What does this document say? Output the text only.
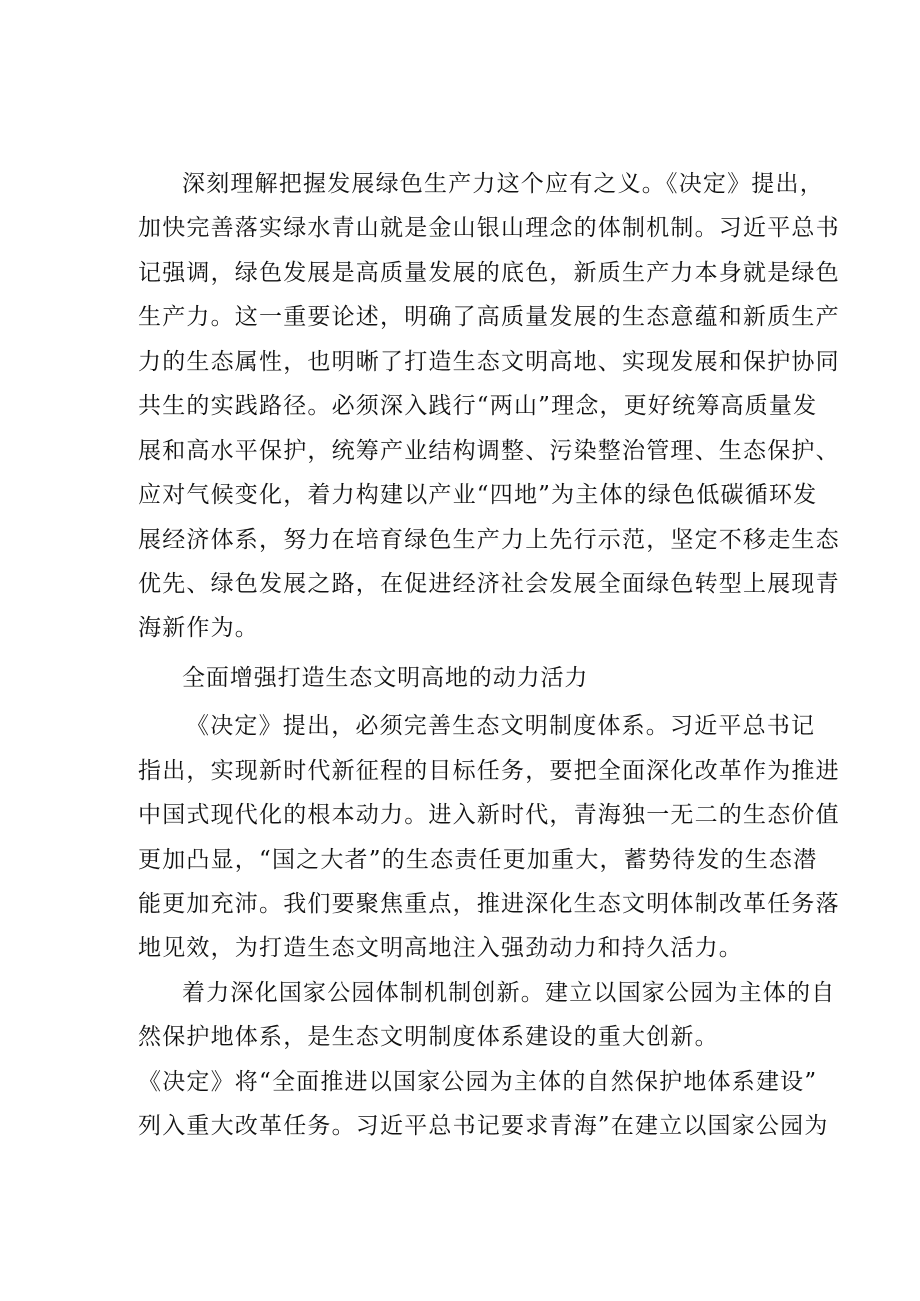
深刻理解把握发展绿色生产力这个应有之义。《决定》提出，
加快完善落实绿水青山就是金山银山理念的体制机制。习近平总书
记强调，绿色发展是高质量发展的底色，新质生产力本身就是绿色
生产力。这一重要论述，明确了高质量发展的生态意蕴和新质生产
力的生态属性，也明晰了打造生态文明高地、实现发展和保护协同
共生的实践路径。必须深入践行“两山”理念，更好统筹高质量发
展和高水平保护，统筹产业结构调整、污染整治管理、生态保护、
应对气候变化，着力构建以产业“四地”为主体的绿色低碳循环发
展经济体系，努力在培育绿色生产力上先行示范，坚定不移走生态
优先、绿色发展之路，在促进经济社会发展全面绿色转型上展现青
海新作为。
全面增强打造生态文明高地的动力活力
《决定》提出，必须完善生态文明制度体系。习近平总书记
指出，实现新时代新征程的目标任务，要把全面深化改革作为推进
中国式现代化的根本动力。进入新时代，青海独一无二的生态价值
更加凸显，“国之大者”的生态责任更加重大，蓄势待发的生态潜
能更加充沛。我们要聚焦重点，推进深化生态文明体制改革任务落
地见效，为打造生态文明高地注入强劲动力和持久活力。
着力深化国家公园体制机制创新。建立以国家公园为主体的自
然保护地体系，是生态文明制度体系建设的重大创新。
《决定》将“全面推进以国家公园为主体的自然保护地体系建设”
列入重大改革任务。习近平总书记要求青海”在建立以国家公园为
